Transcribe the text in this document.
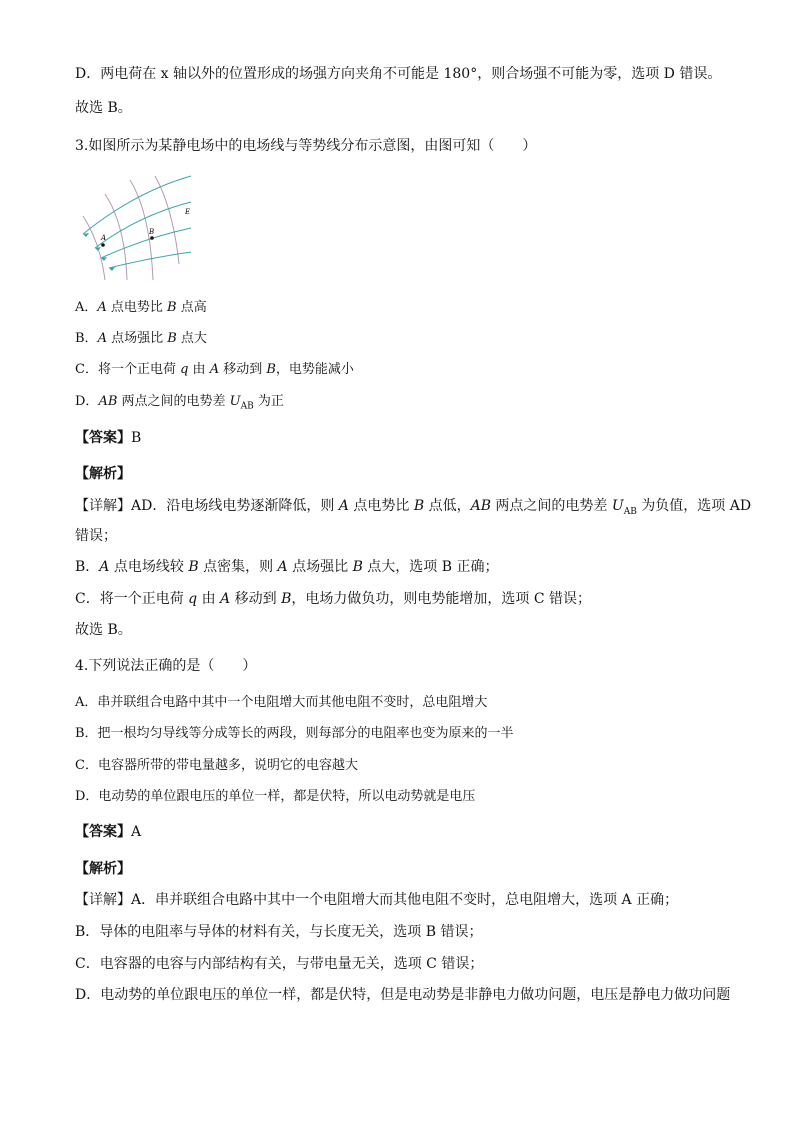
D．两电荷在 x 轴以外的位置形成的场强方向夹角不可能是 180°，则合场强不可能为零，选项 D 错误。
故选 B。
3.如图所示为某静电场中的电场线与等势线分布示意图，由图可知（　　）
A
B
E
A．A 点电势比 B 点高
B．A 点场强比 B 点大
C．将一个正电荷 q 由 A 移动到 B，电势能减小
D．AB 两点之间的电势差 $U_{AB}$ 为正
【答案】B
【解析】
【详解】AD．沿电场线电势逐渐降低，则 A 点电势比 B 点低，AB 两点之间的电势差 $U_{AB}$ 为负值，选项 AD
错误；
B．A 点电场线较 B 点密集，则 A 点场强比 B 点大，选项 B 正确；
C．将一个正电荷 q 由 A 移动到 B，电场力做负功，则电势能增加，选项 C 错误；
故选 B。
4.下列说法正确的是（　　）
A．串并联组合电路中其中一个电阻增大而其他电阻不变时，总电阻增大
B．把一根均匀导线等分成等长的两段，则每部分的电阻率也变为原来的一半
C．电容器所带的带电量越多，说明它的电容越大
D．电动势的单位跟电压的单位一样，都是伏特，所以电动势就是电压
【答案】A
【解析】
【详解】A．串并联组合电路中其中一个电阻增大而其他电阻不变时，总电阻增大，选项 A 正确；
B．导体的电阻率与导体的材料有关，与长度无关，选项 B 错误；
C．电容器的电容与内部结构有关，与带电量无关，选项 C 错误；
D．电动势的单位跟电压的单位一样，都是伏特，但是电动势是非静电力做功问题，电压是静电力做功问题
